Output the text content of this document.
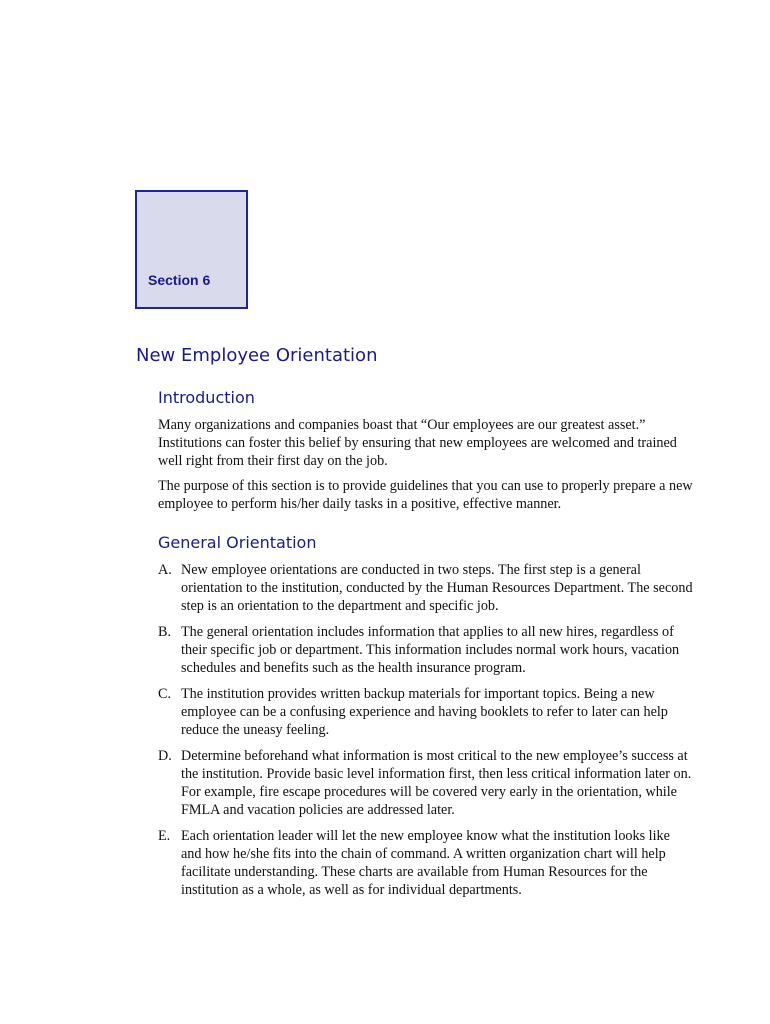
Section 6
New Employee Orientation
Introduction

Many organizations and companies boast that “Our employees are our greatest asset.” Institutions can foster this belief by ensuring that new employees are welcomed and trained well right from their first day on the job.

The purpose of this section is to provide guidelines that you can use to properly prepare a new employee to perform his/her daily tasks in a positive, effective manner.

General Orientation
A. New employee orientations are conducted in two steps. The first step is a general orientation to the institution, conducted by the Human Resources Department. The second step is an orientation to the department and specific job.
B. The general orientation includes information that applies to all new hires, regardless of their specific job or department. This information includes normal work hours, vacation schedules and benefits such as the health insurance program.
C. The institution provides written backup materials for important topics. Being a new employee can be a confusing experience and having booklets to refer to later can help reduce the uneasy feeling.
D. Determine beforehand what information is most critical to the new employee’s success at the institution. Provide basic level information first, then less critical information later on. For example, fire escape procedures will be covered very early in the orientation, while FMLA and vacation policies are addressed later.
E. Each orientation leader will let the new employee know what the institution looks like and how he/she fits into the chain of command. A written organization chart will help facilitate understanding. These charts are available from Human Resources for the institution as a whole, as well as for individual departments.
